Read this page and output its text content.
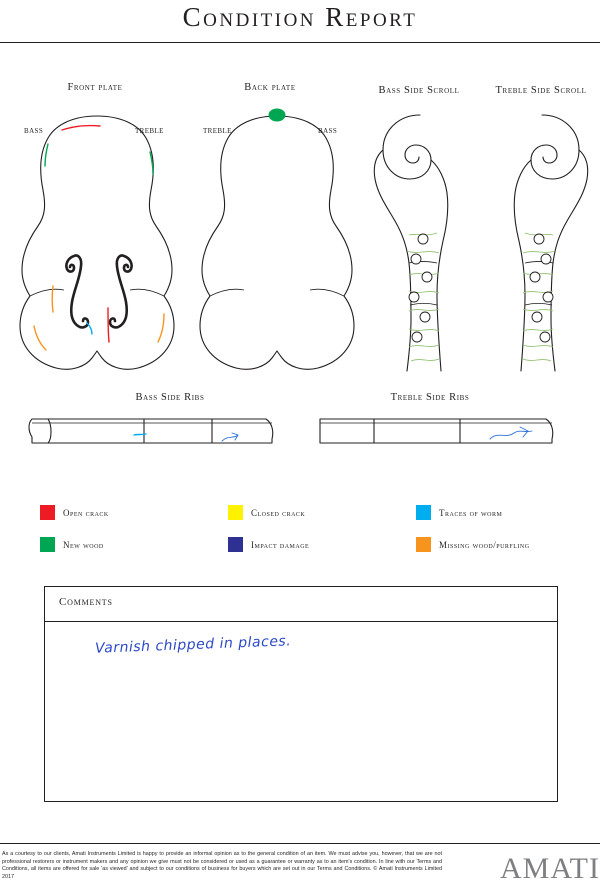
Condition Report
Front plate	Back plate	Bass Side Scroll	Treble Side Scroll
BASS	TREBLE	TREBLE	BASS
Bass Side Ribs	Treble Side Ribs
Open crack	Closed crack	Traces of worm
New wood	Impact damage	Missing wood/purfling
Comments
Varnish chipped in places.
As a courtesy to our clients, Amati Instruments Limited is happy to provide an informal opinion as to the general condition of an item. We must advise you, however, that we are not professional restorers or instrument makers and any opinion we give must not be considered or used as a guarantee or warranty as to an item's condition. In line with our Terms and Conditions, all items are offered for sale 'as viewed' and subject to our conditions of business for buyers which are set out in our Terms and Conditions. © Amati Instruments Limited 2017	AMATI
